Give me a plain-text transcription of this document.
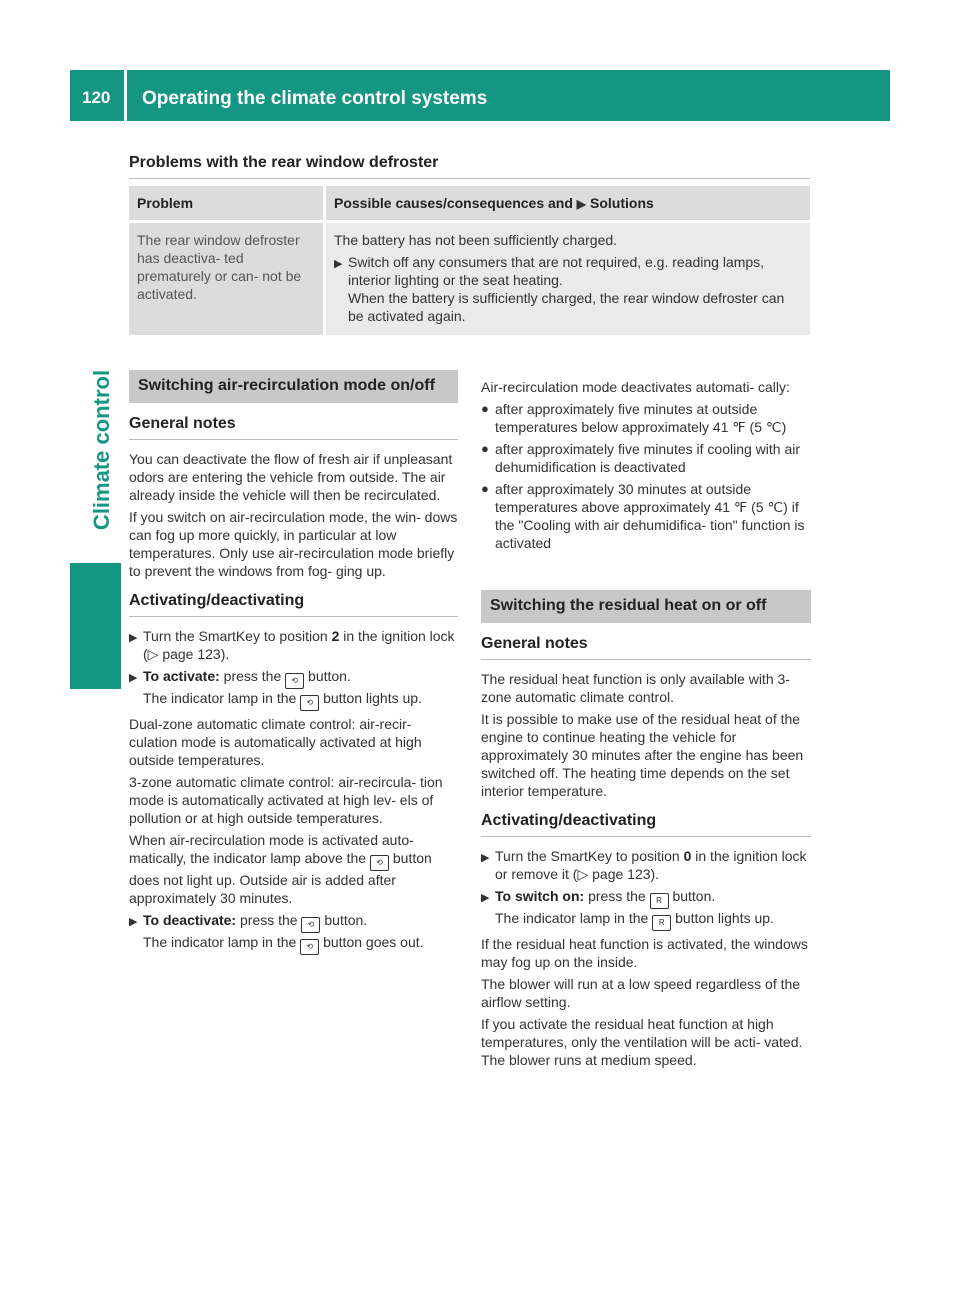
120 Operating the climate control systems
Climate control
Problems with the rear window defroster
Problem	Possible causes/consequences and ▶ Solutions
The rear window defroster has deactiva- ted prematurely or can- not be activated.	The battery has not been sufficiently charged.
▶ Switch off any consumers that are not required, e.g. reading lamps, interior lighting or the seat heating.
When the battery is sufficiently charged, the rear window defroster can be activated again.
Switching air-recirculation mode on/off
General notes

You can deactivate the flow of fresh air if unpleasant odors are entering the vehicle from outside. The air already inside the vehicle will then be recirculated.

If you switch on air-recirculation mode, the win- dows can fog up more quickly, in particular at low temperatures. Only use air-recirculation mode briefly to prevent the windows from fog- ging up.

Activating/deactivating
▶ Turn the SmartKey to position 2 in the ignition lock (▷ page 123).
▶ To activate: press the ⟲ button.
The indicator lamp in the ⟲ button lights up.

Dual-zone automatic climate control: air-recir- culation mode is automatically activated at high outside temperatures.

3-zone automatic climate control: air-recircula- tion mode is automatically activated at high lev- els of pollution or at high outside temperatures.

When air-recirculation mode is activated auto- matically, the indicator lamp above the ⟲ button does not light up. Outside air is added after approximately 30 minutes.

▶ To deactivate: press the ⟲ button.
The indicator lamp in the ⟲ button goes out.

Air-recirculation mode deactivates automati- cally:

● after approximately five minutes at outside temperatures below approximately 41 ℉ (5 ℃)
● after approximately five minutes if cooling with air dehumidification is deactivated
● after approximately 30 minutes at outside temperatures above approximately 41 ℉ (5 ℃) if the "Cooling with air dehumidifica- tion" function is activated
Switching the residual heat on or off
General notes

The residual heat function is only available with 3-zone automatic climate control.

It is possible to make use of the residual heat of the engine to continue heating the vehicle for approximately 30 minutes after the engine has been switched off. The heating time depends on the set interior temperature.

Activating/deactivating
▶ Turn the SmartKey to position 0 in the ignition lock or remove it (▷ page 123).
▶ To switch on: press the R button.
The indicator lamp in the R button lights up.

If the residual heat function is activated, the windows may fog up on the inside.

The blower will run at a low speed regardless of the airflow setting.

If you activate the residual heat function at high temperatures, only the ventilation will be acti- vated. The blower runs at medium speed.
